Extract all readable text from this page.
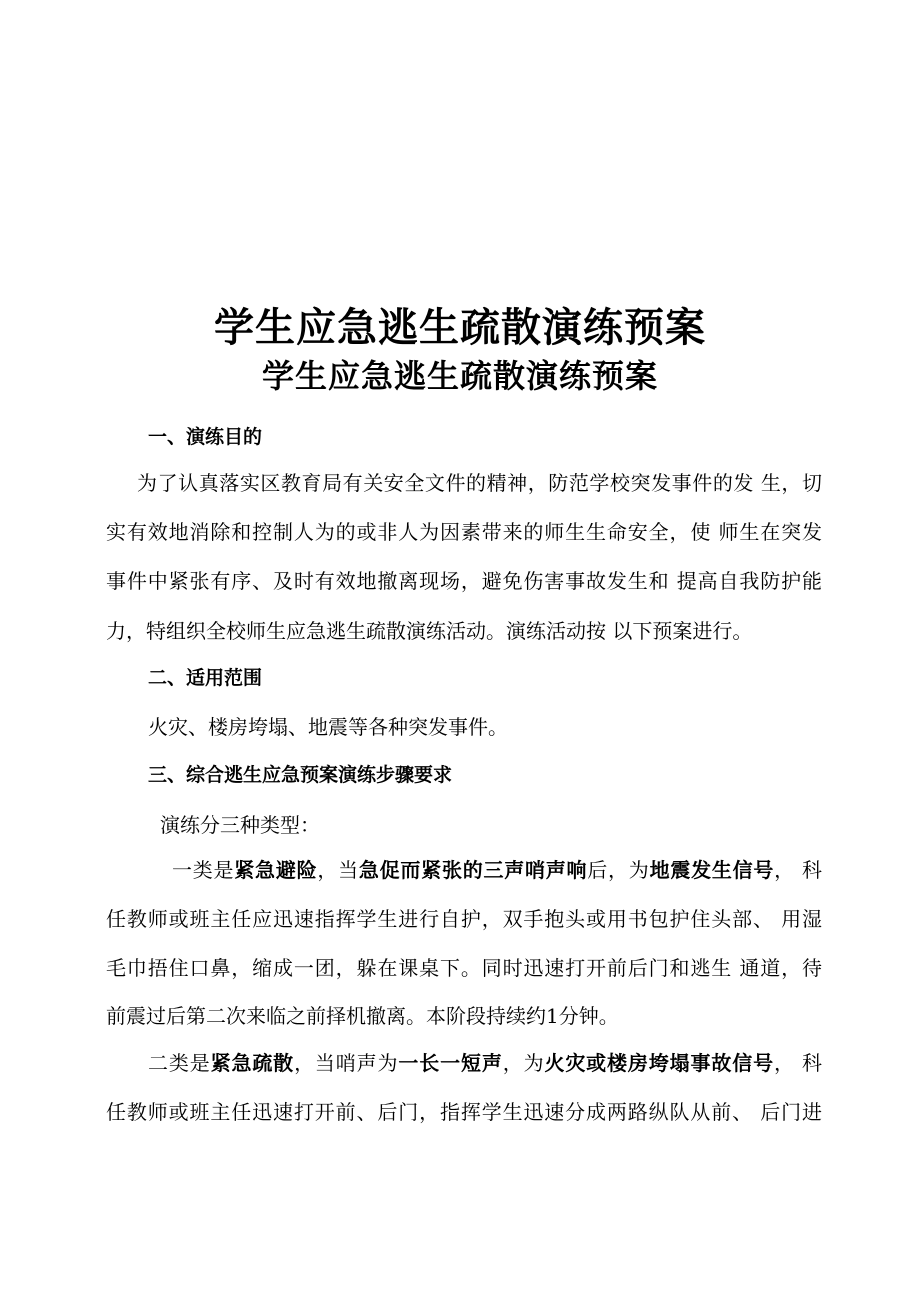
学生应急逃生疏散演练预案
学生应急逃生疏散演练预案
一、演练目的
为了认真落实区教育局有关安全文件的精神，防范学校突发事件的发 生，切
实有效地消除和控制人为的或非人为因素带来的师生生命安全，使 师生在突发
事件中紧张有序、及时有效地撤离现场，避免伤害事故发生和 提高自我防护能
力，特组织全校师生应急逃生疏散演练活动。演练活动按 以下预案进行。
二、适用范围
火灾、楼房垮塌、地震等各种突发事件。
三、综合逃生应急预案演练步骤要求
演练分三种类型：
一类是紧急避险，当急促而紧张的三声哨声响后，为地震发生信号， 科
任教师或班主任应迅速指挥学生进行自护，双手抱头或用书包护住头部、 用湿
毛巾捂住口鼻，缩成一团，躲在课桌下。同时迅速打开前后门和逃生 通道，待
前震过后第二次来临之前择机撤离。本阶段持续约1分钟。
二类是紧急疏散，当哨声为一长一短声，为火灾或楼房垮塌事故信号， 科
任教师或班主任迅速打开前、后门，指挥学生迅速分成两路纵队从前、 后门进
